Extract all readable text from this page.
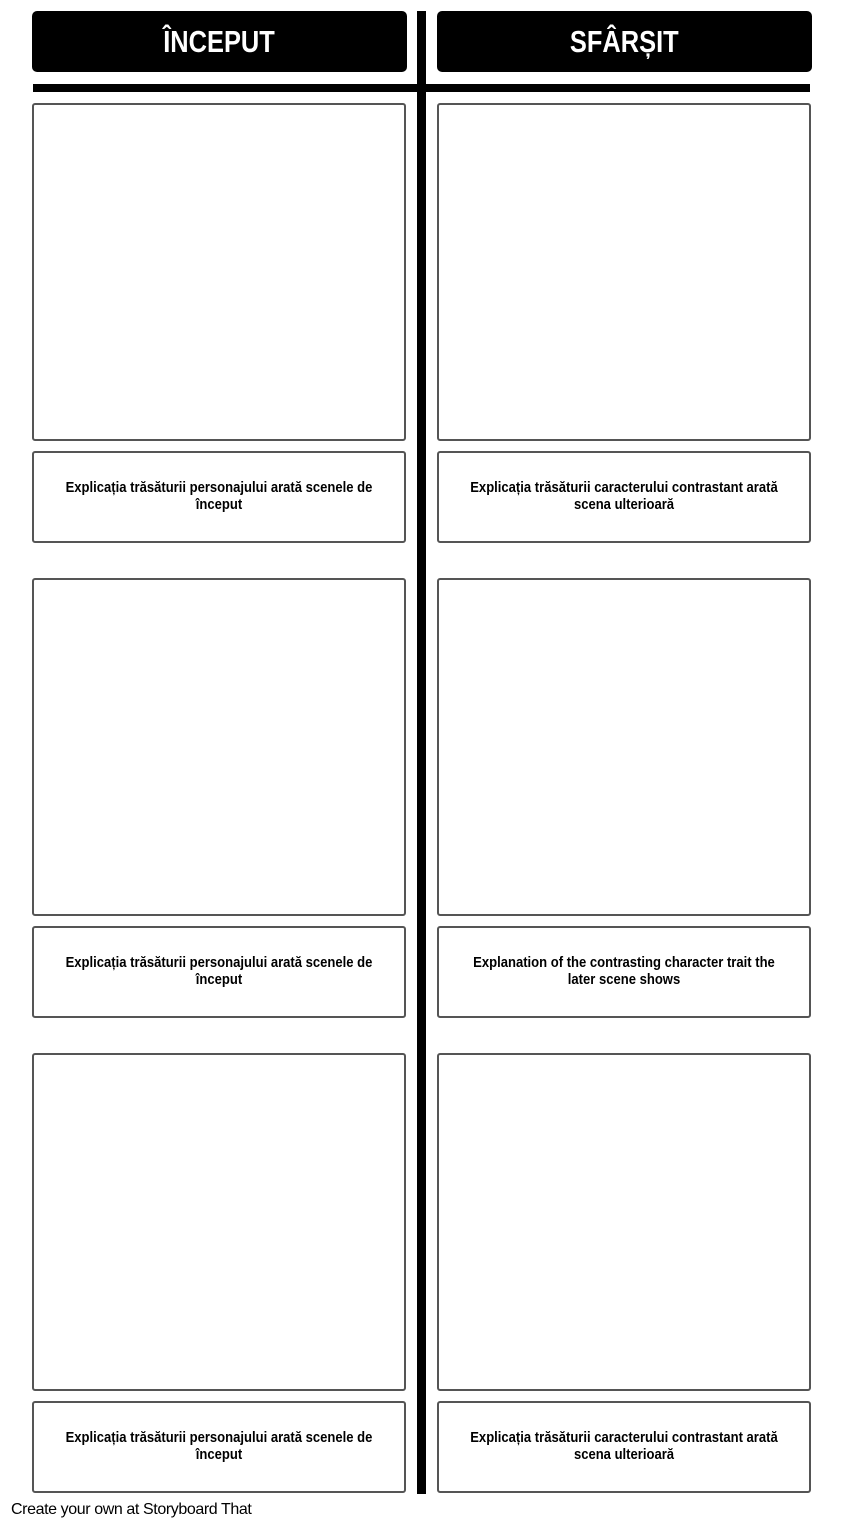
ÎNCEPUT	SFÂRȘIT
Explicația trăsăturii personajului arată scenele de început
Explicația trăsăturii caracterului contrastant arată scena ulterioară
Explicația trăsăturii personajului arată scenele de început
Explanation of the contrasting character trait the later scene shows
Explicația trăsăturii personajului arată scenele de început
Explicația trăsăturii caracterului contrastant arată scena ulterioară
Create your own at Storyboard That
